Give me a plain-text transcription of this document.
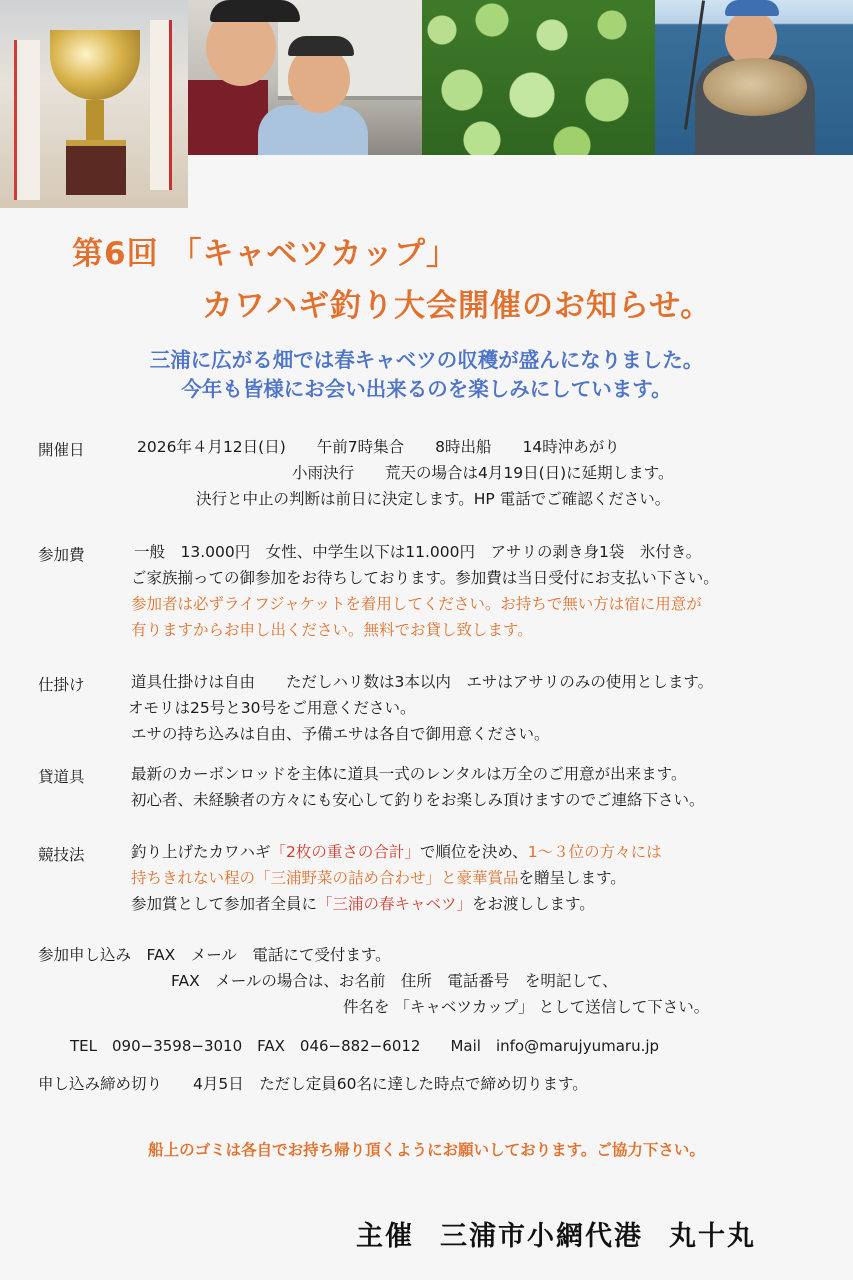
第6回 「キャベツカップ」
カワハギ釣り大会開催のお知らせ。
三浦に広がる畑では春キャベツの収穫が盛んになりました。
今年も皆様にお会い出来るのを楽しみにしています。
開催日	2026年４月12日(日)　　午前7時集合　　8時出船　　14時沖あがり
小雨決行　　荒天の場合は4月19日(日)に延期します。
決行と中止の判断は前日に決定します。HP 電話でご確認ください。
参加費	一般　13.000円　女性、中学生以下は11.000円　アサリの剥き身1袋　氷付き。
ご家族揃っての御参加をお待ちしております。参加費は当日受付にお支払い下さい。
参加者は必ずライフジャケットを着用してください。お持ちで無い方は宿に用意が
有りますからお申し出ください。無料でお貸し致します。
仕掛け	道具仕掛けは自由　　ただしハリ数は3本以内　エサはアサリのみの使用とします。
オモリは25号と30号をご用意ください。
エサの持ち込みは自由、予備エサは各自で御用意ください。
貸道具	最新のカーボンロッドを主体に道具一式のレンタルは万全のご用意が出来ます。
初心者、未経験者の方々にも安心して釣りをお楽しみ頂けますのでご連絡下さい。
競技法	釣り上げたカワハギ「2枚の重さの合計」で順位を決め、1～３位の方々には
持ちきれない程の「三浦野菜の詰め合わせ」と豪華賞品を贈呈します。
参加賞として参加者全員に「三浦の春キャベツ」をお渡しします。
参加申し込み　FAX　メール　電話にて受付ます。
FAX　メールの場合は、お名前　住所　電話番号　を明記して、
件名を 「キャベツカップ」 として送信して下さい。
TEL　090−3598−3010　FAX　046−882−6012　　Mail　info@marujyumaru.jp
申し込み締め切り　　4月5日　ただし定員60名に達した時点で締め切ります。
船上のゴミは各自でお持ち帰り頂くようにお願いしております。ご協力下さい。
主催 三浦市小網代港 丸十丸
